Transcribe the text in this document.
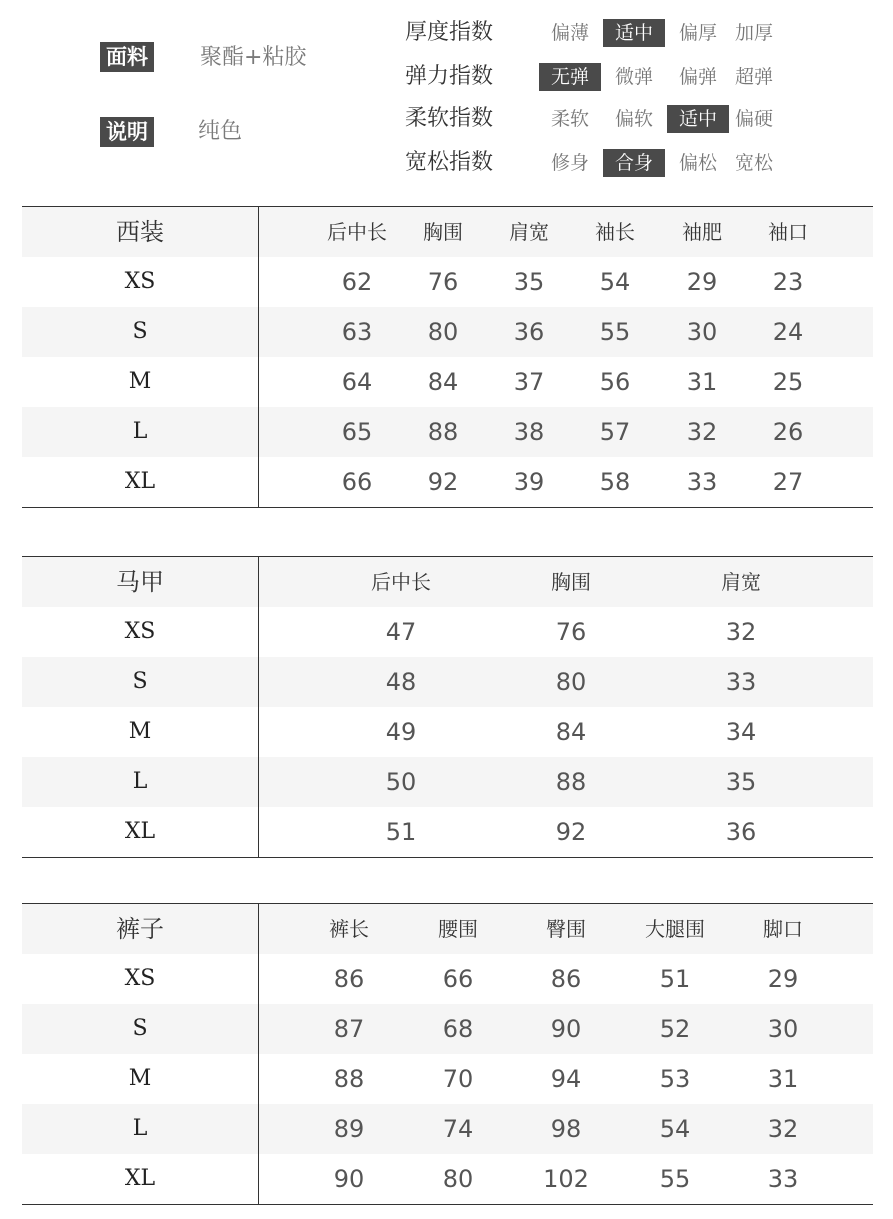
面料 聚酯+粘胶
说明 纯色
厚度指数	偏薄	适中	偏厚 加厚
弹力指数	无弹	微弹	偏弹 超弹
柔软指数	柔软	偏软	适中 偏硬
宽松指数	修身	合身	偏松 宽松
西装	后中长	胸围	肩宽	袖长	袖肥	袖口
XS	62	76	35	54	29	23
S	63	80	36	55	30	24
M	64	84	37	56	31	25
L	65	88	38	57	32	26
XL	66	92	39	58	33	27
马甲	后中长	胸围	肩宽
XS	47	76	32
S	48	80	33
M	49	84	34
L	50	88	35
XL	51	92	36
裤子	裤长	腰围	臀围	大腿围	脚口
XS	86	66	86	51	29
S	87	68	90	52	30
M	88	70	94	53	31
L	89	74	98	54	32
XL	90	80	102	55	33
